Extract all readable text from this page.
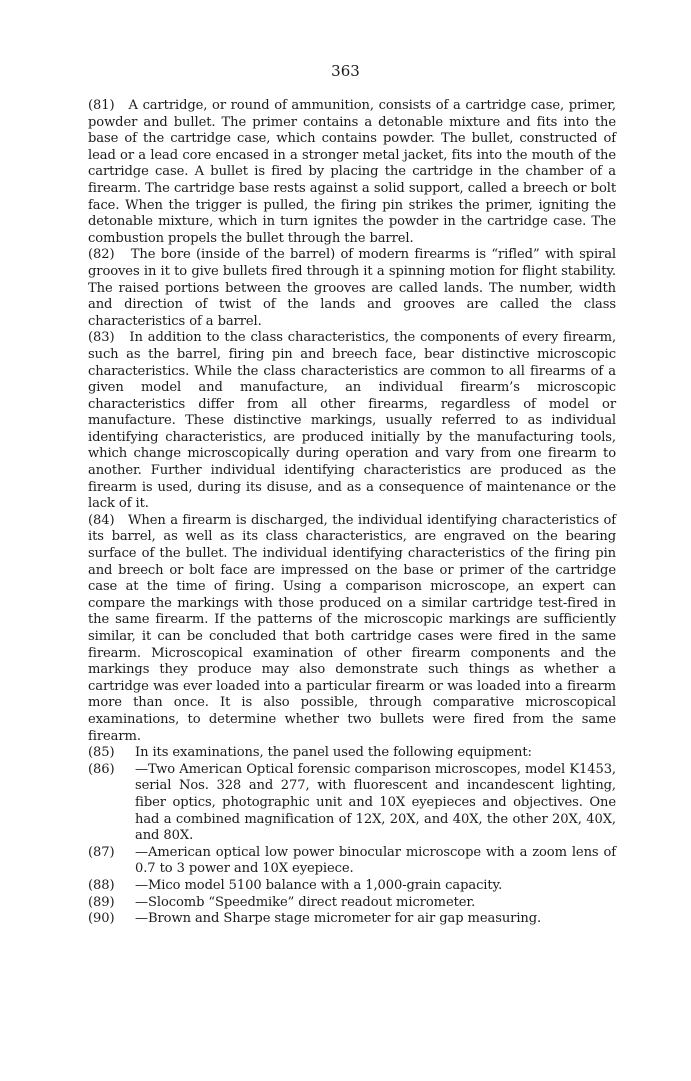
363

(81) A cartridge, or round of ammunition, consists of a cartridge case, primer, powder and bullet. The primer contains a detonable mixture and fits into the base of the cartridge case, which contains powder. The bullet, constructed of lead or a lead core encased in a stronger metal jacket, fits into the mouth of the cartridge case. A bullet is fired by placing the cartridge in the chamber of a firearm. The cartridge base rests against a solid support, called a breech or bolt face. When the trigger is pulled, the firing pin strikes the primer, igniting the detonable mixture, which in turn ignites the powder in the cartridge case. The combustion propels the bullet through the barrel.

(82) The bore (inside of the barrel) of modern firearms is “rifled” with spiral grooves in it to give bullets fired through it a spinning motion for flight stability. The raised portions between the grooves are called lands. The number, width and direction of twist of the lands and grooves are called the class characteristics of a barrel.

(83) In addition to the class characteristics, the components of every firearm, such as the barrel, firing pin and breech face, bear distinctive microscopic characteristics. While the class characteristics are common to all firearms of a given model and manufacture, an individual firearm’s microscopic characteristics differ from all other firearms, regardless of model or manufacture. These distinctive markings, usually referred to as individual identifying characteristics, are produced initially by the manufacturing tools, which change microscopically during operation and vary from one firearm to another. Further individual identifying characteristics are produced as the firearm is used, during its disuse, and as a consequence of maintenance or the lack of it.

(84) When a firearm is discharged, the individual identifying characteristics of its barrel, as well as its class characteristics, are engraved on the bearing surface of the bullet. The individual identifying characteristics of the firing pin and breech or bolt face are impressed on the base or primer of the cartridge case at the time of firing. Using a comparison microscope, an expert can compare the markings with those produced on a similar cartridge test-fired in the same firearm. If the patterns of the microscopic markings are sufficiently similar, it can be concluded that both cartridge cases were fired in the same firearm. Microscopical examination of other firearm components and the markings they produce may also demonstrate such things as whether a cartridge was ever loaded into a particular firearm or was loaded into a firearm more than once. It is also possible, through comparative microscopical examinations, to determine whether two bullets were fired from the same firearm.

(85)	In its examinations, the panel used the following equipment:
(86)	—Two American Optical forensic comparison microscopes, model K1453, serial Nos. 328 and 277, with fluorescent and incandescent lighting, fiber optics, photographic unit and 10X eyepieces and objectives. One had a combined magnification of 12X, 20X, and 40X, the other 20X, 40X, and 80X.
(87)	—American optical low power binocular microscope with a zoom lens of 0.7 to 3 power and 10X eyepiece.
(88)	—Mico model 5100 balance with a 1,000-grain capacity.
(89)	—Slocomb “Speedmike” direct readout micrometer.
(90)	—Brown and Sharpe stage micrometer for air gap measuring.
